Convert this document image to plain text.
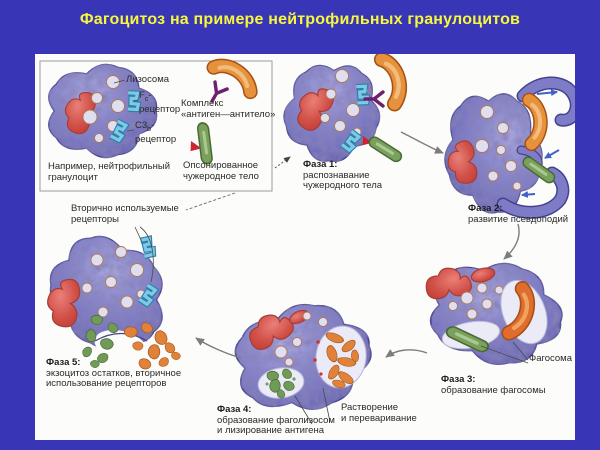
Фагоцитоз на примере нейтрофильных гранулоцитов
Лизосома
$F_c-$
рецептор
$C3_b-$
рецептор
Например, нейтрофильный
гранулоцит
Комплекс
«антиген—антитело»
Опсонированное
чужеродное тело
Фаза 1:
распознавание
чужеродного тела
Фаза 2:
развитие псевдоподий
Фаза 3:
образование фагосомы
Фаза 4:
образование фаголизосом
и лизирование антигена
Фаза 5:
экзоцитоз остатков, вторичное
использование рецепторов
Фагосома
Растворение
и переваривание
Вторично используемые
рецепторы
